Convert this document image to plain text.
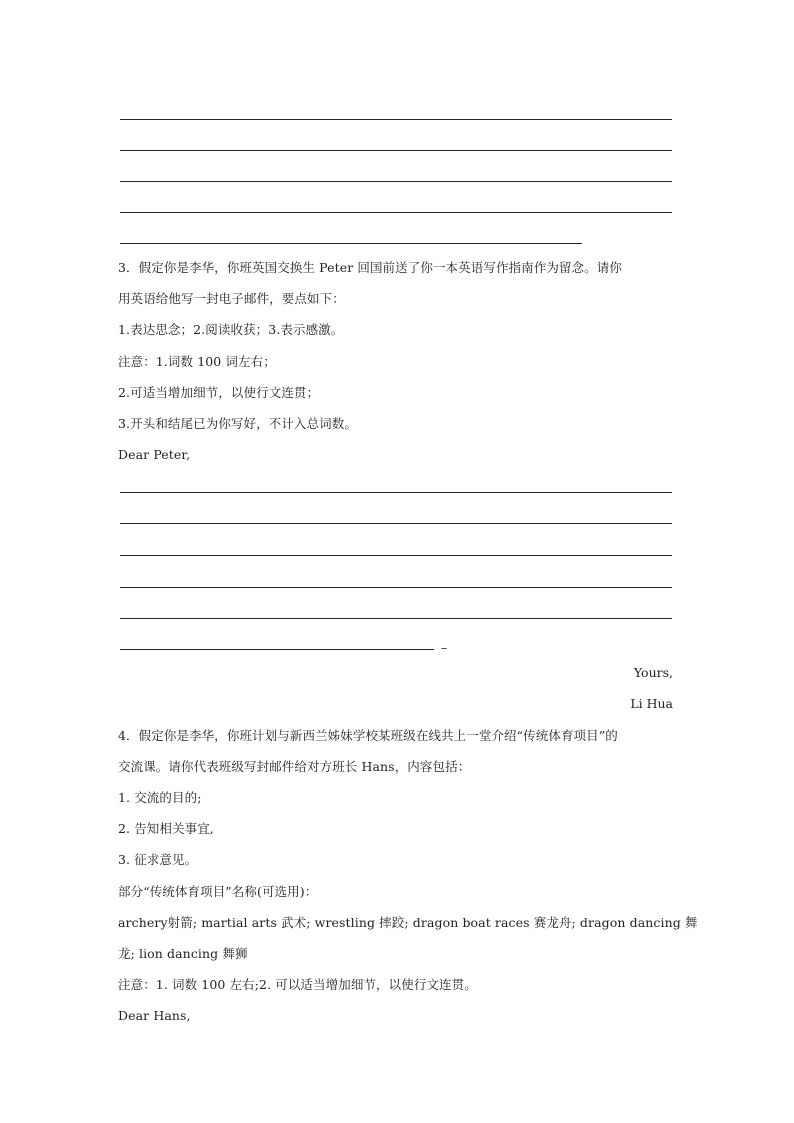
3．假定你是李华，你班英国交换生 Peter 回国前送了你一本英语写作指南作为留念。请你
用英语给他写一封电子邮件，要点如下：
1.表达思念；2.阅读收获；3.表示感激。
注意：1.词数 100 词左右；
2.可适当增加细节，以使行文连贯；
3.开头和结尾已为你写好，不计入总词数。
Dear Peter,
–
Yours,
Li Hua
4．假定你是李华，你班计划与新西兰姊妹学校某班级在线共上一堂介绍“传统体育项目”的
交流课。请你代表班级写封邮件给对方班长 Hans，内容包括：
1. 交流的目的;
2. 告知相关事宜,
3. 征求意见。
部分“传统体育项目”名称(可选用)：
archery射箭; martial arts 武术; wrestling 摔跤; dragon boat races 赛龙舟; dragon dancing 舞
龙; lion dancing 舞狮
注意：1. 词数 100 左右;2. 可以适当增加细节，以使行文连贯。
Dear Hans,
